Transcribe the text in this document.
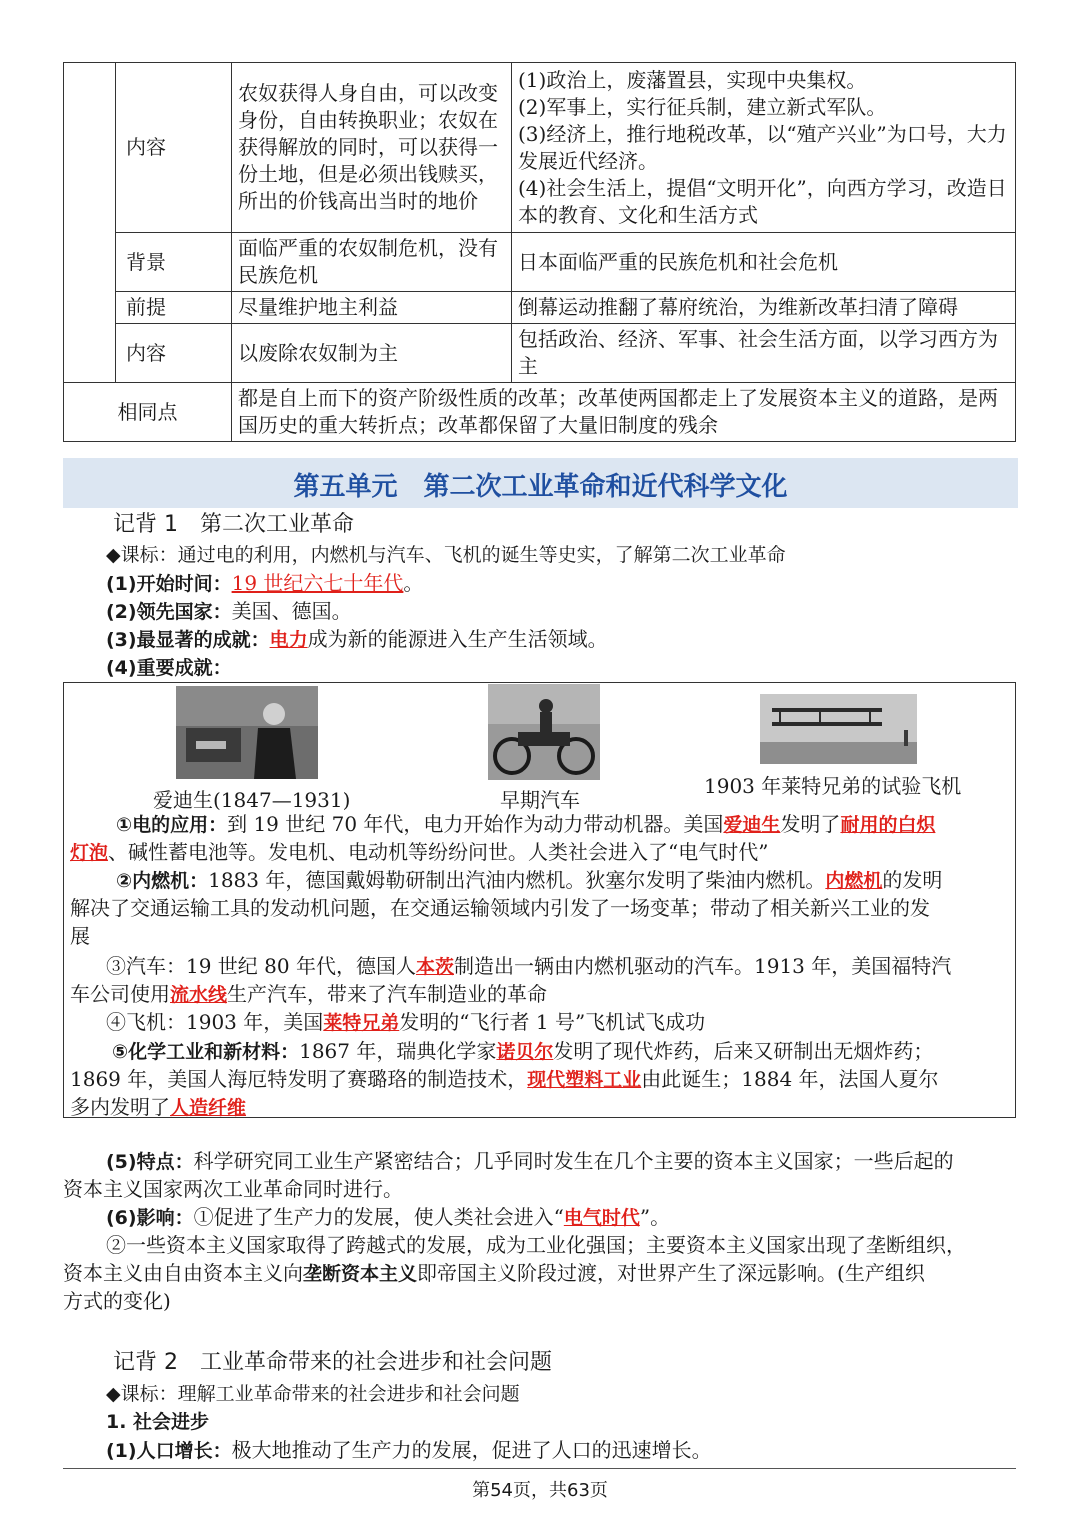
	内容	农奴获得人身自由，可以改变身份，自由转换职业；农奴在获得解放的同时，可以获得一份土地，但是必须出钱赎买，所出的价钱高出当时的地价	(1)政治上，废藩置县，实现中央集权。
(2)军事上，实行征兵制，建立新式军队。
(3)经济上，推行地税改革，以“殖产兴业”为口号，大力发展近代经济。
(4)社会生活上，提倡“文明开化”，向西方学习，改造日本的教育、文化和生活方式

	背景	面临严重的农奴制危机，没有民族危机	日本面临严重的民族危机和社会危机
	前提	尽量维护地主利益	倒幕运动推翻了幕府统治，为维新改革扫清了障碍
	内容	以废除农奴制为主	包括政治、经济、军事、社会生活方面，以学习西方为主
相同点		都是自上而下的资产阶级性质的改革；改革使两国都走上了发展资本主义的道路，是两国历史的重大转折点；改革都保留了大量旧制度的残余	
第五单元　第二次工业革命和近代科学文化
记背 1　第二次工业革命
◆课标：通过电的利用，内燃机与汽车、飞机的诞生等史实，了解第二次工业革命
(1)开始时间：19 世纪六七十年代。
(2)领先国家：美国、德国。
(3)最显著的成就：电力成为新的能源进入生产生活领域。
(4)重要成就：
爱迪生(1847—1931)	早期汽车
1903 年莱特兄弟的试验飞机
①电的应用：到 19 世纪 70 年代，电力开始作为动力带动机器。美国爱迪生发明了耐用的白炽
灯泡、碱性蓄电池等。发电机、电动机等纷纷问世。人类社会进入了“电气时代”
②内燃机：1883 年，德国戴姆勒研制出汽油内燃机。狄塞尔发明了柴油内燃机。内燃机的发明
解决了交通运输工具的发动机问题，在交通运输领域内引发了一场变革；带动了相关新兴工业的发
展
③汽车：19 世纪 80 年代，德国人本茨制造出一辆由内燃机驱动的汽车。1913 年，美国福特汽
车公司使用流水线生产汽车，带来了汽车制造业的革命
④飞机：1903 年，美国莱特兄弟发明的“飞行者 1 号”飞机试飞成功
⑤化学工业和新材料：1867 年，瑞典化学家诺贝尔发明了现代炸药，后来又研制出无烟炸药；
1869 年，美国人海厄特发明了赛璐珞的制造技术，现代塑料工业由此诞生；1884 年，法国人夏尔
多内发明了人造纤维
(5)特点：科学研究同工业生产紧密结合；几乎同时发生在几个主要的资本主义国家；一些后起的
资本主义国家两次工业革命同时进行。
(6)影响：①促进了生产力的发展，使人类社会进入“电气时代”。
②一些资本主义国家取得了跨越式的发展，成为工业化强国；主要资本主义国家出现了垄断组织，
资本主义由自由资本主义向垄断资本主义即帝国主义阶段过渡，对世界产生了深远影响。(生产组织
方式的变化)
记背 2　工业革命带来的社会进步和社会问题
◆课标：理解工业革命带来的社会进步和社会问题
1. 社会进步
(1)人口增长：极大地推动了生产力的发展，促进了人口的迅速增长。
第54页，共63页
